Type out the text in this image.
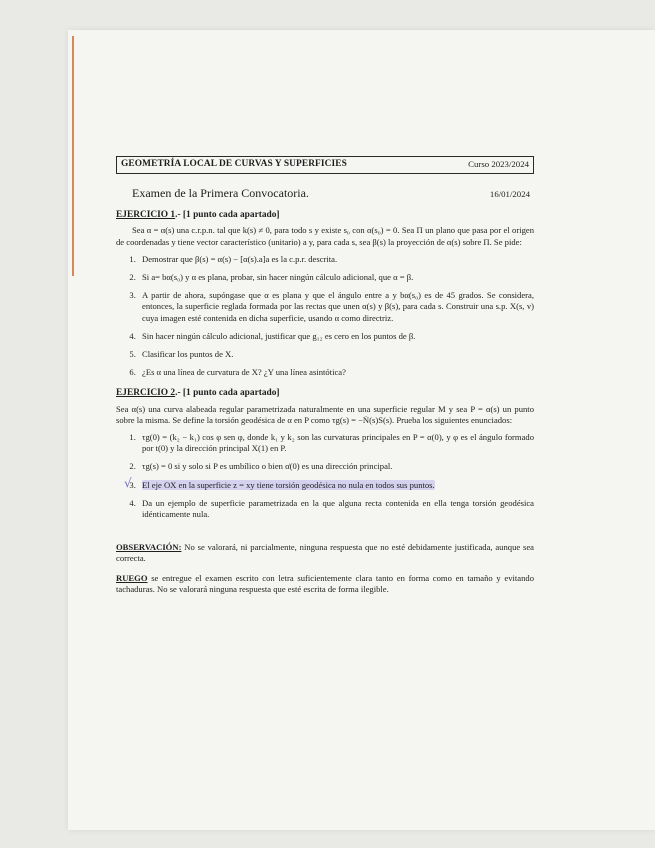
GEOMETRÍA LOCAL DE CURVAS Y SUPERFICIES	Curso 2023/2024
Examen de la Primera Convocatoria.	16/01/2024
EJERCICIO 1.- [1 punto cada apartado]
Sea α = α(s) una c.r.p.n. tal que k(s) ≠ 0, para todo s y existe s₀ con α(s₀) = 0. Sea Π un plano que pasa por el origen de coordenadas y tiene vector característico (unitario) a y, para cada s, sea β(s) la proyección de α(s) sobre Π. Se pide:
1. Demostrar que β(s) = α(s) − [α(s).a]a es la c.p.r. descrita.
2. Si a= bα(s₀) y α es plana, probar, sin hacer ningún cálculo adicional, que α = β.
3. A partir de ahora, supóngase que α es plana y que el ángulo entre a y bα(s₀) es de 45 grados. Se considera, entonces, la superficie reglada formada por las rectas que unen α(s) y β(s), para cada s. Construir una s.p. X(s, v) cuya imagen esté contenida en dicha superficie, usando α como directriz.
4. Sin hacer ningún cálculo adicional, justificar que g₁₂ es cero en los puntos de β.
5. Clasificar los puntos de X.
6. ¿Es α una línea de curvatura de X? ¿Y una línea asintótica?
EJERCICIO 2.- [1 punto cada apartado]
Sea α(s) una curva alabeada regular parametrizada naturalmente en una superficie regular M y sea P = α(s) un punto sobre la misma. Se define la torsión geodésica de α en P como τg(s) = −Ṅ(s)S(s). Prueba los siguientes enunciados:
1. τg(0) = (k₂ − k₁) cos φ sen φ, donde k₁ y k₂ son las curvaturas principales en P = α(0), y φ es el ángulo formado por t(0) y la dirección principal X(1) en P.
2. τg(s) = 0 si y solo si P es umbílico o bien α̇(0) es una dirección principal.
3. √ El eje OX en la superficie z = xy tiene torsión geodésica no nula en todos sus puntos.
4. Da un ejemplo de superficie parametrizada en la que alguna recta contenida en ella tenga torsión geodésica idénticamente nula.
OBSERVACIÓN: No se valorará, ni parcialmente, ninguna respuesta que no esté debidamente justificada, aunque sea correcta.
RUEGO se entregue el examen escrito con letra suficientemente clara tanto en forma como en tamaño y evitando tachaduras. No se valorará ninguna respuesta que esté escrita de forma ilegible.
